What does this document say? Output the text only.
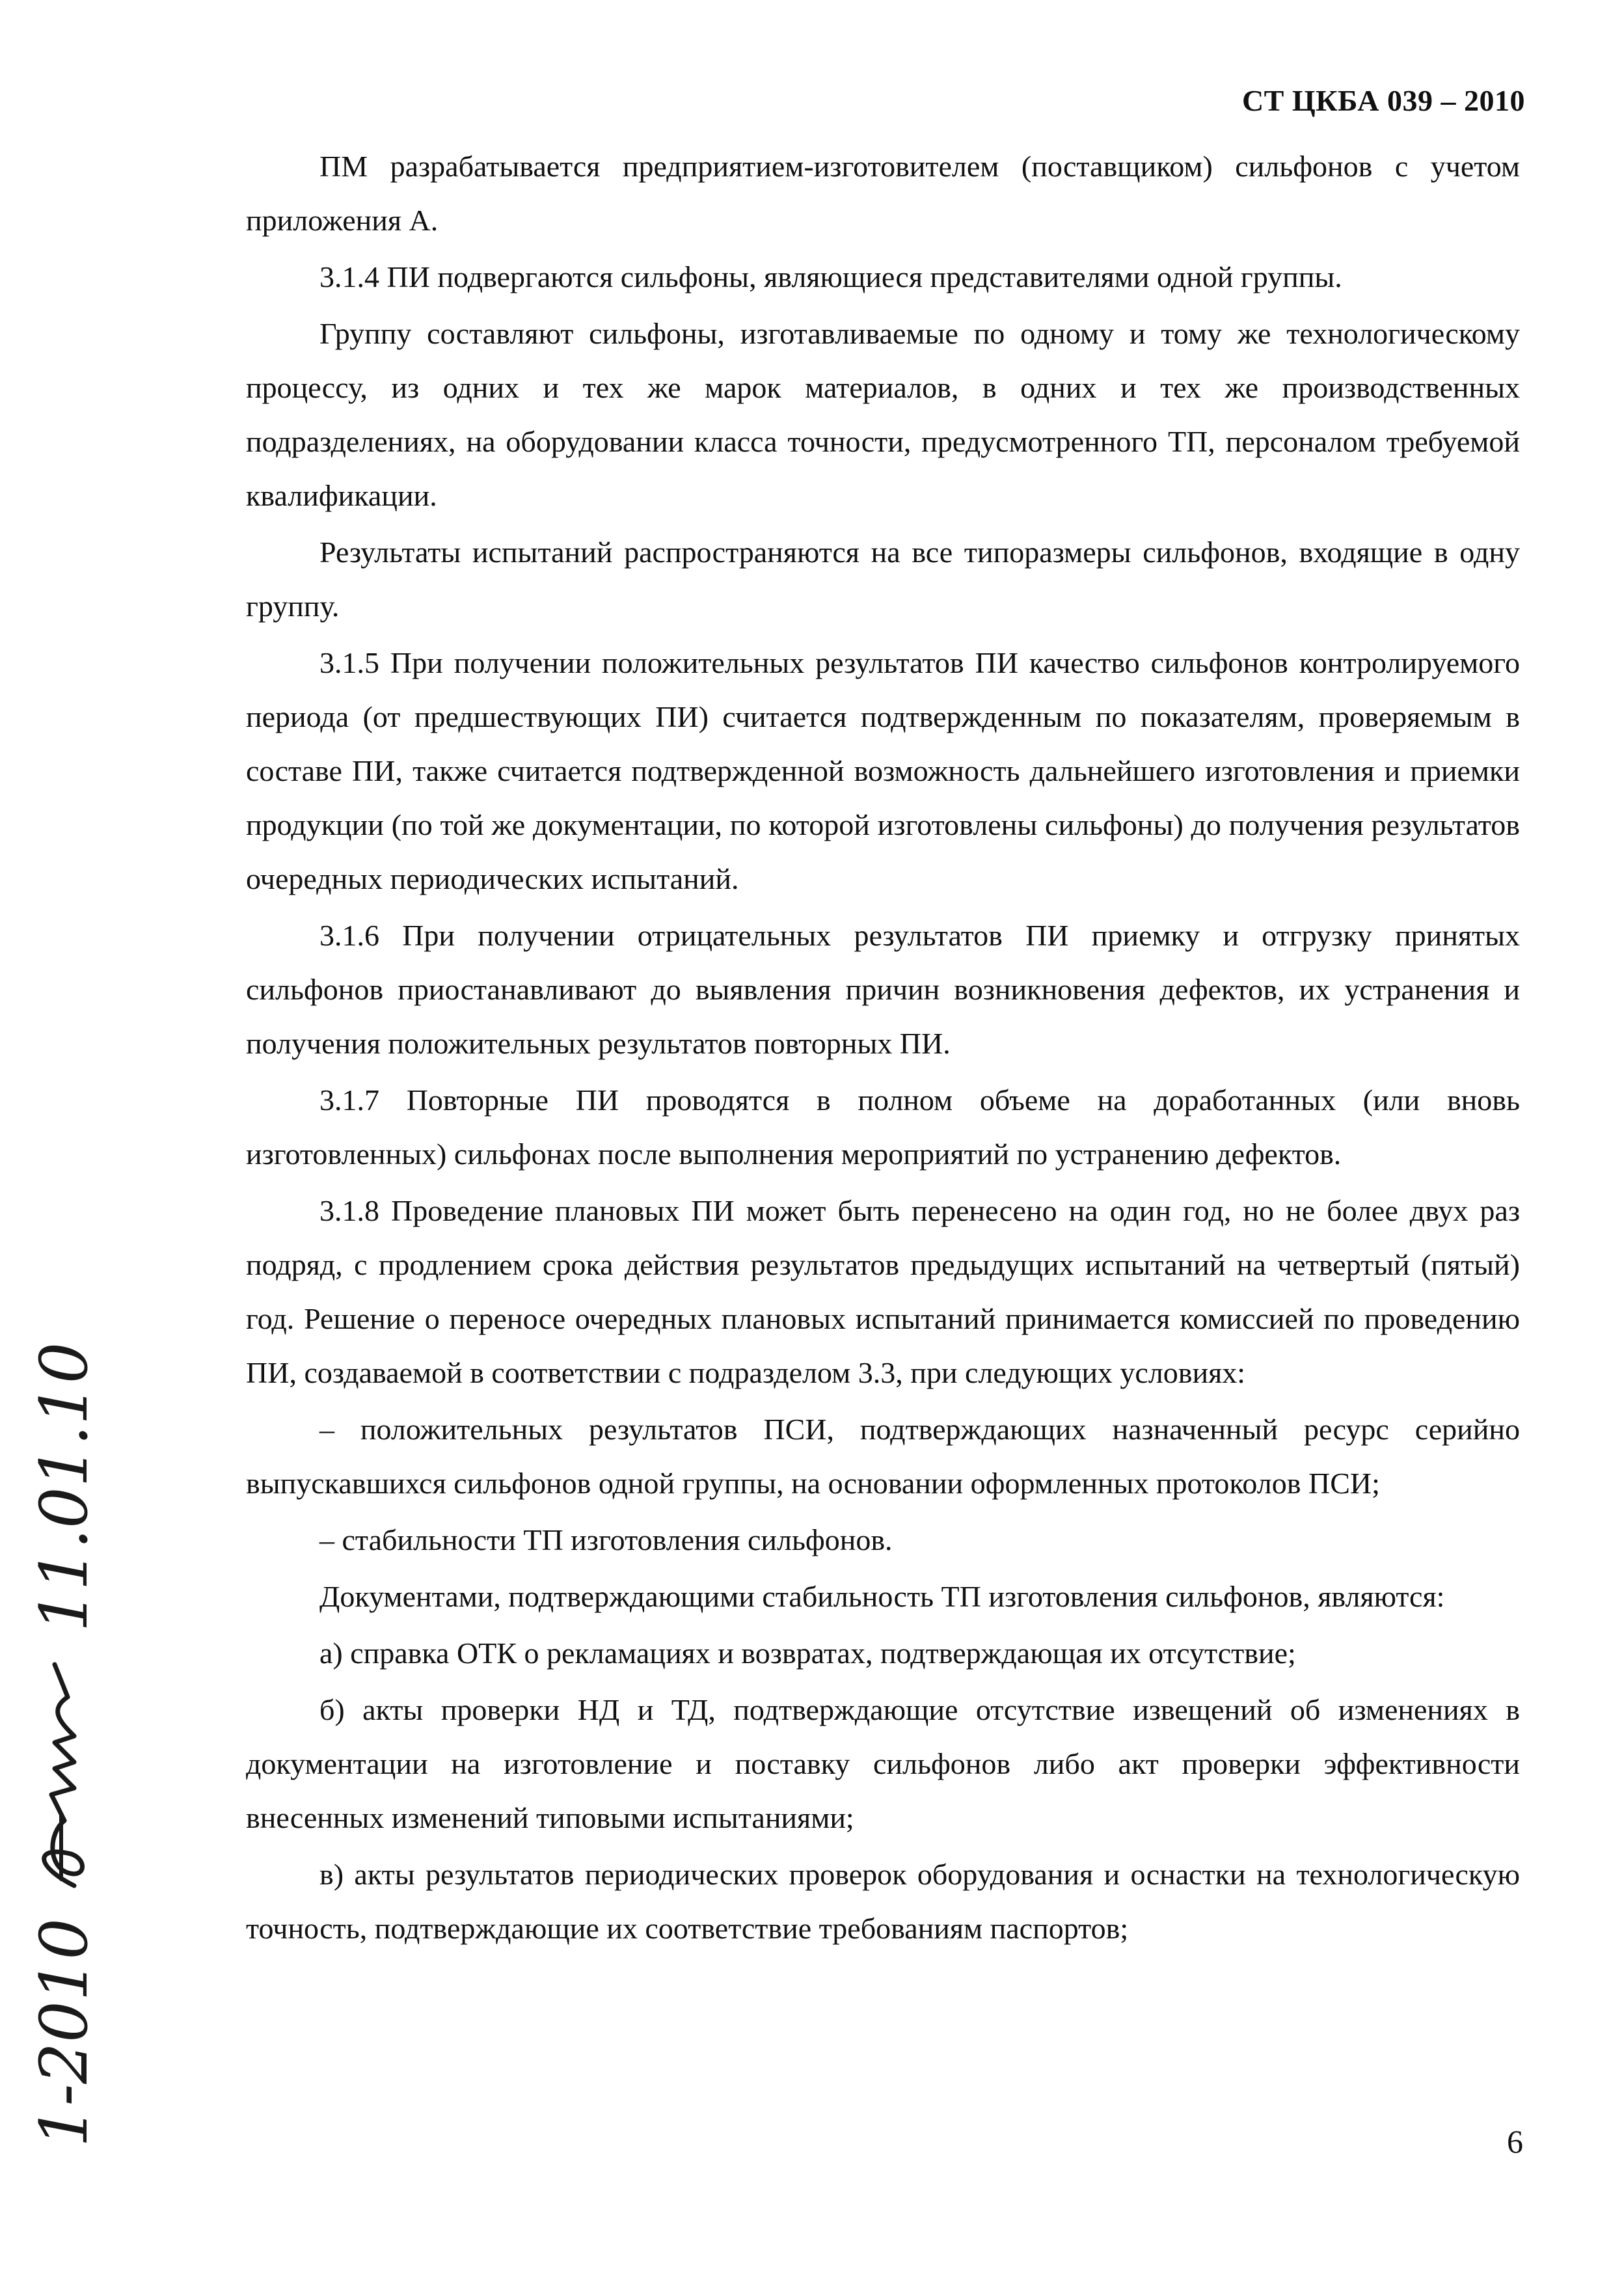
СТ ЦКБА 039 – 2010

ПМ разрабатывается предприятием-изготовителем (поставщиком) сильфонов с учетом приложения А.

3.1.4 ПИ подвергаются сильфоны, являющиеся представителями одной группы.

Группу составляют сильфоны, изготавливаемые по одному и тому же технологическому процессу, из одних и тех же марок материалов, в одних и тех же производственных подразделениях, на оборудовании класса точности, предусмотренного ТП, персоналом требуемой квалификации.

Результаты испытаний распространяются на все типоразмеры сильфонов, входящие в одну группу.

3.1.5 При получении положительных результатов ПИ качество сильфонов контролируемого периода (от предшествующих ПИ) считается подтвержденным по показателям, проверяемым в составе ПИ, также считается подтвержденной возможность дальнейшего изготовления и приемки продукции (по той же документации, по которой изготовлены сильфоны) до получения результатов очередных периодических испытаний.

3.1.6 При получении отрицательных результатов ПИ приемку и отгрузку принятых сильфонов приостанавливают до выявления причин возникновения дефектов, их устранения и получения положительных результатов повторных ПИ.

3.1.7 Повторные ПИ проводятся в полном объеме на доработанных (или вновь изготовленных) сильфонах после выполнения мероприятий по устранению дефектов.

3.1.8 Проведение плановых ПИ может быть перенесено на один год, но не более двух раз подряд, с продлением срока действия результатов предыдущих испытаний на четвертый (пятый) год. Решение о переносе очередных плановых испытаний принимается комиссией по проведению ПИ, создаваемой в соответствии с подразделом 3.3, при следующих условиях:

– положительных результатов ПСИ, подтверждающих назначенный ресурс серийно выпускавшихся сильфонов одной группы, на основании оформленных протоколов ПСИ;

– стабильности ТП изготовления сильфонов.

Документами, подтверждающими стабильность ТП изготовления сильфонов, являются:

а) справка ОТК о рекламациях и возвратах, подтверждающая их отсутствие;

б) акты проверки НД и ТД, подтверждающие отсутствие извещений об изменениях в документации на изготовление и поставку сильфонов либо акт проверки эффективности внесенных изменений типовыми испытаниями;

в) акты результатов периодических проверок оборудования и оснастки на технологическую точность, подтверждающие их соответствие требованиям паспортов;

1-2010
11.01.10
6
